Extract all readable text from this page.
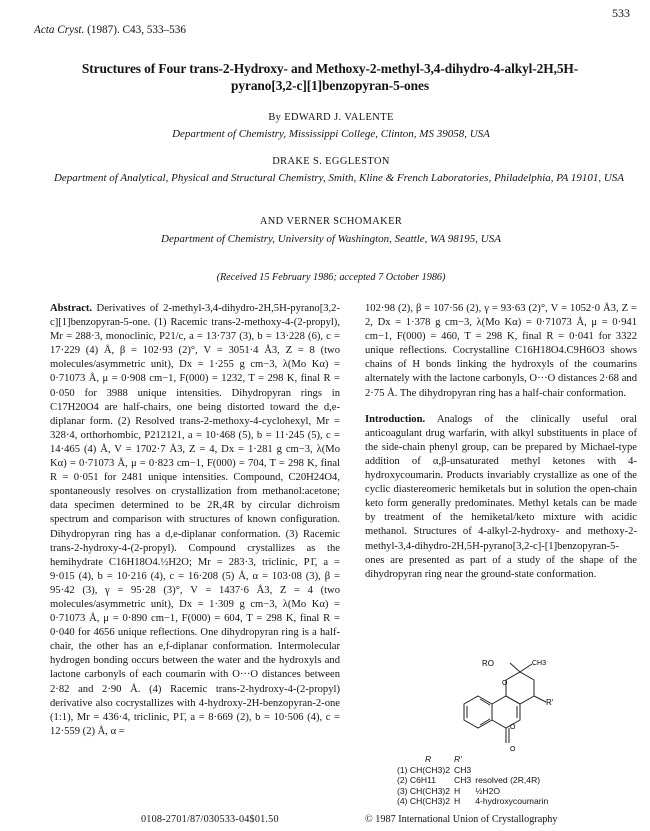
533
Acta Cryst. (1987). C43, 533–536
Structures of Four trans-2-Hydroxy- and Methoxy-2-methyl-3,4-dihydro-4-alkyl-2H,5H-
pyrano[3,2-c][1]benzopyran-5-ones
By EDWARD J. VALENTE
Department of Chemistry, Mississippi College, Clinton, MS 39058, USA
DRAKE S. EGGLESTON
Department of Analytical, Physical and Structural Chemistry, Smith, Kline & French Laboratories, Philadelphia, PA 19101, USA
AND VERNER SCHOMAKER
Department of Chemistry, University of Washington, Seattle, WA 98195, USA
(Received 15 February 1986; accepted 7 October 1986)
Abstract. Derivatives of 2-methyl-3,4-dihydro-2H,5H-pyrano[3,2-c][1]benzopyran-5-one. (1) Racemic trans-2-methoxy-4-(2-propyl), Mr = 288·3, monoclinic, P21/c, a = 13·737 (3), b = 13·228 (6), c = 17·229 (4) Å, β = 102·93 (2)°, V = 3051·4 Å3, Z = 8 (two molecules/asymmetric unit), Dx = 1·255 g cm−3, λ(Mo Kα) = 0·71073 Å, μ = 0·908 cm−1, F(000) = 1232, T = 298 K, final R = 0·050 for 3988 unique intensities. Dihydropyran rings in C17H20O4 are half-chairs, one being distorted toward the d,e-diplanar form. (2) Resolved trans-2-methoxy-4-cyclohexyl, Mr = 328·4, orthorhombic, P212121, a = 10·468 (5), b = 11·245 (5), c = 14·465 (4) Å, V = 1702·7 Å3, Z = 4, Dx = 1·281 g cm−3, λ(Mo Kα) = 0·71073 Å, μ = 0·823 cm−1, F(000) = 704, T = 298 K, final R = 0·051 for 2481 unique intensities. Compound, C20H24O4, spontaneously resolves on crystallization from methanol:acetone; data specimen determined to be 2R,4R by circular dichroism spectrum and comparison with structures of known configuration. Dihydropyran ring has a d,e-diplanar conformation. (3) Racemic trans-2-hydroxy-4-(2-propyl). Compound crystallizes as the hemihydrate C16H18O4.½H2O; Mr = 283·3, triclinic, P1̄, a = 9·015 (4), b = 10·216 (4), c = 16·208 (5) Å, α = 103·08 (3), β = 95·42 (3), γ = 95·28 (3)°, V = 1437·6 Å3, Z = 4 (two molecules/asymmetric unit), Dx = 1·309 g cm−3, λ(Mo Kα) = 0·71073 Å, μ = 0·890 cm−1, F(000) = 604, T = 298 K, final R = 0·040 for 4656 unique reflections. One dihydropyran ring is a half-chair, the other has an e,f-diplanar conformation. Intermolecular hydrogen bonding occurs between the water and the hydroxyls and lactone carbonyls of each coumarin with O···O distances between 2·82 and 2·90 Å. (4) Racemic trans-2-hydroxy-4-(2-propyl) derivative also cocrystallizes with 4-hydroxy-2H-benzopyran-2-one (1:1), Mr = 436·4, triclinic, P1̄, a = 8·669 (2), b = 10·506 (4), c = 12·559 (2) Å, α =
102·98 (2), β = 107·56 (2), γ = 93·63 (2)°, V = 1052·0 Å3, Z = 2, Dx = 1·378 g cm−3, λ(Mo Kα) = 0·71073 Å, μ = 0·941 cm−1, F(000) = 460, T = 298 K, final R = 0·041 for 3322 unique reflections. Cocrystalline C16H18O4.C9H6O3 shows chains of H bonds linking the hydroxyls of the coumarins alternately with the lactone carbonyls, O···O distances 2·68 and 2·75 Å. The dihydropyran ring has a half-chair conformation.
Introduction. Analogs of the clinically useful oral anticoagulant drug warfarin, with alkyl substituents in place of the side-chain phenyl group, can be prepared by Michael-type addition of α,β-unsaturated methyl ketones with 4-hydroxycoumarin. Products invariably crystallize as one of the cyclic diastereomeric hemiketals but in solution the open-chain keto form generally predominates. Methyl ketals can be made by treatment of the hemiketal/keto mixture with acidic methanol. Structures of 4-alkyl-2-hydroxy- and methoxy-2-methyl-3,4-dihydro-2H,5H-pyrano[3,2-c]-[1]benzopyran-5-ones are presented as part of a study of the shape of the dihydropyran ring near the ground-state conformation.
RO	CH3
R'
O
O
O
R	R'	
(1) CH(CH3)2	CH3	
(2) C6H11	CH3	resolved (2R,4R)
(3) CH(CH3)2	H	½H2O
(4) CH(CH3)2	H	4-hydroxycoumarin
0108-2701/87/030533-04$01.50	© 1987 International Union of Crystallography
